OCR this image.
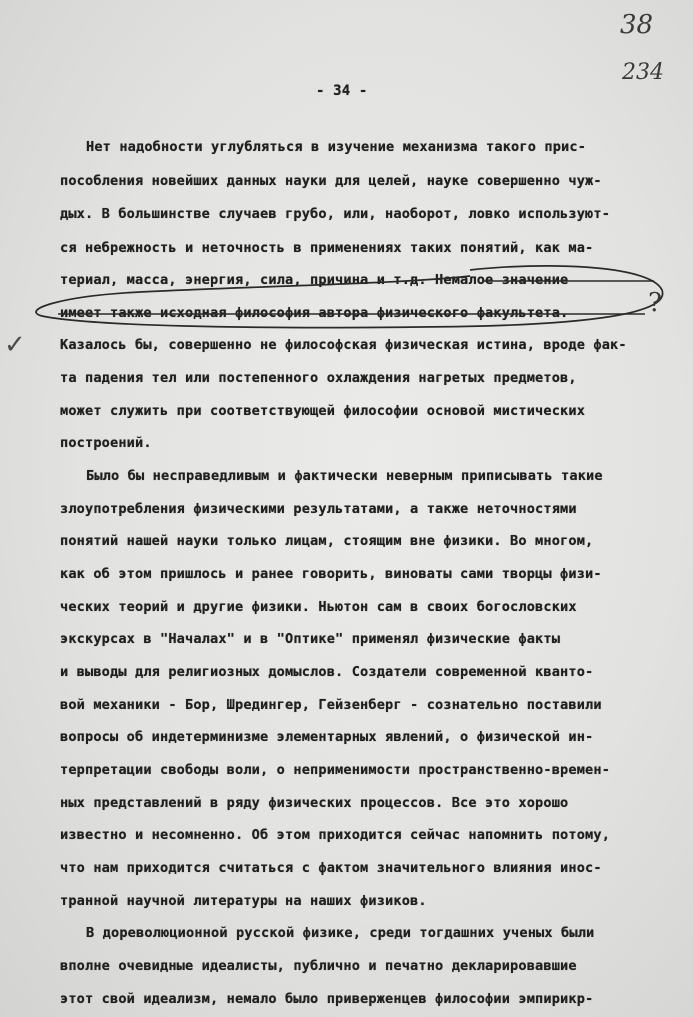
38
234
- 34 -
Нет надобности углубляться в изучение механизма такого прис-
пособления новейших данных науки для целей, науке совершенно чуж-
дых. В большинстве случаев грубо, или, наоборот, ловко используют-
ся небрежность и неточность в применениях таких понятий, как ма-
териал, масса, энергия, сила, причина и т.д. Немалое значение
имеет также исходная философия автора физического факультета.
Казалось бы, совершенно не философская физическая истина, вроде фак-
та падения тел или постепенного охлаждения нагретых предметов,
может служить при соответствующей философии основой мистических
построений.
Было бы несправедливым и фактически неверным приписывать такие
злоупотребления физическими результатами, а также неточностями
понятий нашей науки только лицам, стоящим вне физики. Во многом,
как об этом пришлось и ранее говорить, виноваты сами творцы физи-
ческих теорий и другие физики. Ньютон сам в своих богословских
экскурсах в "Началах" и в "Оптике" применял физические факты
и выводы для религиозных домыслов. Создатели современной кванто-
вой механики - Бор, Шредингер, Гейзенберг - сознательно поставили
вопросы об индетерминизме элементарных явлений, о физической ин-
терпретации свободы воли, о неприменимости пространственно-времен-
ных представлений в ряду физических процессов. Все это хорошо
известно и несомненно. Об этом приходится сейчас напомнить потому,
что нам приходится считаться с фактом значительного влияния инос-
транной научной литературы на наших физиков.
В дореволюционной русской физике, среди тогдашних ученых были
вполне очевидные идеалисты, публично и печатно декларировавшие
этот свой идеализм, немало было приверженцев философии эмпирикр-
✓
?
